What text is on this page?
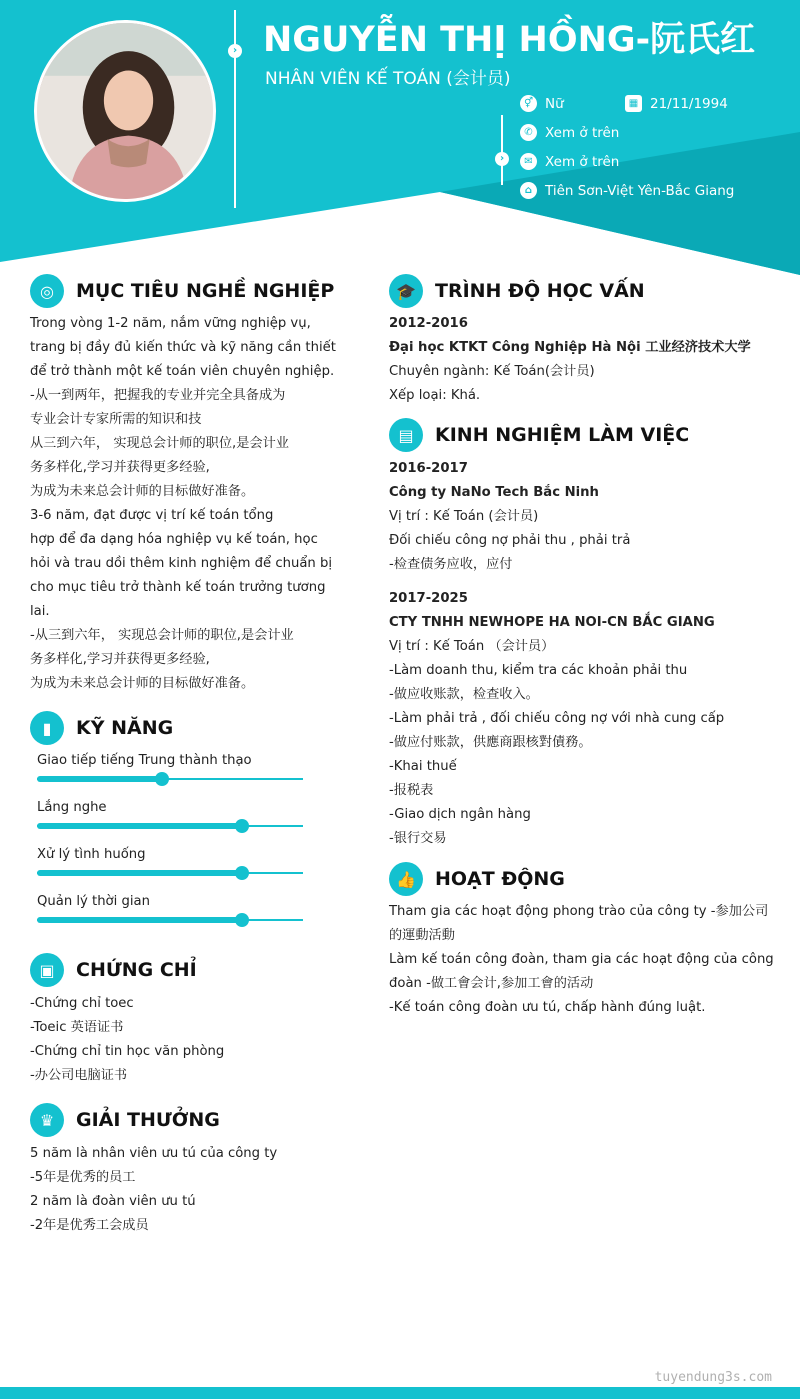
› NGUYỄN THỊ HỒNG-阮氏红
NHÂN VIÊN KẾ TOÁN (会计员)
›
⚥ Nữ	▦ 21/11/1994
✆ Xem ở trên
✉ Xem ở trên
⌂ Tiên Sơn-Việt Yên-Bắc Giang
◎	MỤC TIÊU NGHỀ NGHIỆP

Trong vòng 1-2 năm, nắm vững nghiệp vụ,

trang bị đầy đủ kiến thức và kỹ năng cần thiết

để trở thành một kế toán viên chuyên nghiệp.

-从一到两年，把握我的专业并完全具备成为

专业会计专家所需的知识和技

从三到六年， 实现总会计师的职位,是会计业

务多样化,学习并获得更多经验,

为成为未来总会计师的目标做好准备。

3-6 năm, đạt được vị trí kế toán tổng

hợp để đa dạng hóa nghiệp vụ kế toán, học

hỏi và trau dồi thêm kinh nghiệm để chuẩn bị

cho mục tiêu trở thành kế toán trưởng tương

lai.

-从三到六年， 实现总会计师的职位,是会计业

务多样化,学习并获得更多经验,

为成为未来总会计师的目标做好准备。

▮	KỸ NĂNG
Giao tiếp tiếng Trung thành thạo
Lắng nghe
Xử lý tình huống
Quản lý thời gian
▣	CHỨNG CHỈ

-Chứng chỉ toec

-Toeic 英语证书

-Chứng chỉ tin học văn phòng

-办公司电脑证书

♛	GIẢI THƯỞNG

5 năm là nhân viên ưu tú của công ty

-5年是优秀的员工

2 năm là đoàn viên ưu tú

-2年是优秀工会成员

🎓	TRÌNH ĐỘ HỌC VẤN

2012-2016

Đại học KTKT Công Nghiệp Hà Nội 工业经济技术大学

Chuyên ngành: Kế Toán(会计员)

Xếp loại: Khá.

▤	KINH NGHIỆM LÀM VIỆC

2016-2017

Công ty NaNo Tech Bắc Ninh

Vị trí : Kế Toán (会计员)

Đối chiếu công nợ phải thu , phải trả

-检查债务应收，应付

2017-2025

CTY TNHH NEWHOPE HA NOI-CN BẮC GIANG

Vị trí : Kế Toán （会计员）

-Làm doanh thu, kiểm tra các khoản phải thu

-做应收账款，检查收入。

-Làm phải trả , đối chiếu công nợ với nhà cung cấp

-做应付账款，供應商跟核對債務。

-Khai thuế

-报税表

-Giao dịch ngân hàng

-银行交易

👍	HOẠT ĐỘNG

Tham gia các hoạt động phong trào của công ty -参加公司

的運動活動

Làm kế toán công đoàn, tham gia các hoạt động của công

đoàn -做工會会计,参加工會的活动

-Kế toán công đoàn ưu tú, chấp hành đúng luật.

tuyendung3s.com
